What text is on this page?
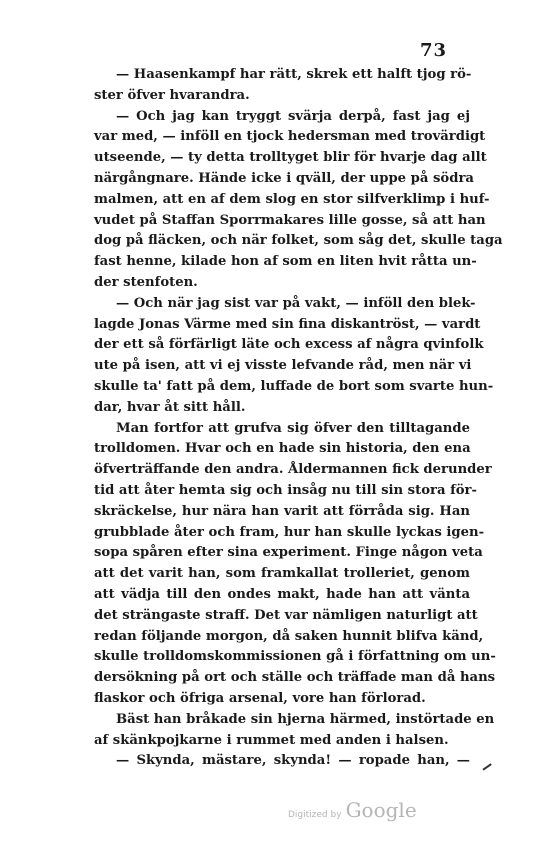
73
— Haasenkampf har rätt, skrek ett halft tjog rö-
ster öfver hvarandra.
— Och jag kan tryggt svärja derpå, fast jag ej
var med, — inföll en tjock hedersman med trovärdigt
utseende, — ty detta trolltyget blir för hvarje dag allt
närgångnare. Hände icke i qväll, der uppe på södra
malmen, att en af dem slog en stor silfverklimp i huf-
vudet på Staffan Sporrmakares lille gosse, så att han
dog på fläcken, och när folket, som såg det, skulle taga
fast henne, kilade hon af som en liten hvit råtta un-
der stenfoten.
— Och när jag sist var på vakt, — inföll den blek-
lagde Jonas Värme med sin fina diskantröst, — vardt
der ett så förfärligt läte och excess af några qvinfolk
ute på isen, att vi ej visste lefvande råd, men när vi
skulle ta' fatt på dem, luffade de bort som svarte hun-
dar, hvar åt sitt håll.
Man fortfor att grufva sig öfver den tilltagande
trolldomen. Hvar och en hade sin historia, den ena
öfverträffande den andra. Åldermannen fick derunder
tid att åter hemta sig och insåg nu till sin stora för-
skräckelse, hur nära han varit att förråda sig. Han
grubblade åter och fram, hur han skulle lyckas igen-
sopa spåren efter sina experiment. Finge någon veta
att det varit han, som framkallat trolleriet, genom
att vädja till den ondes makt, hade han att vänta
det strängaste straff. Det var nämligen naturligt att
redan följande morgon, då saken hunnit blifva känd,
skulle trolldomskommissionen gå i författning om un-
dersökning på ort och ställe och träffade man då hans
flaskor och öfriga arsenal, vore han förlorad.
Bäst han bråkade sin hjerna härmed, instörtade en
af skänkpojkarne i rummet med anden i halsen.
— Skynda, mästare, skynda! — ropade han, —
Digitized by Google
